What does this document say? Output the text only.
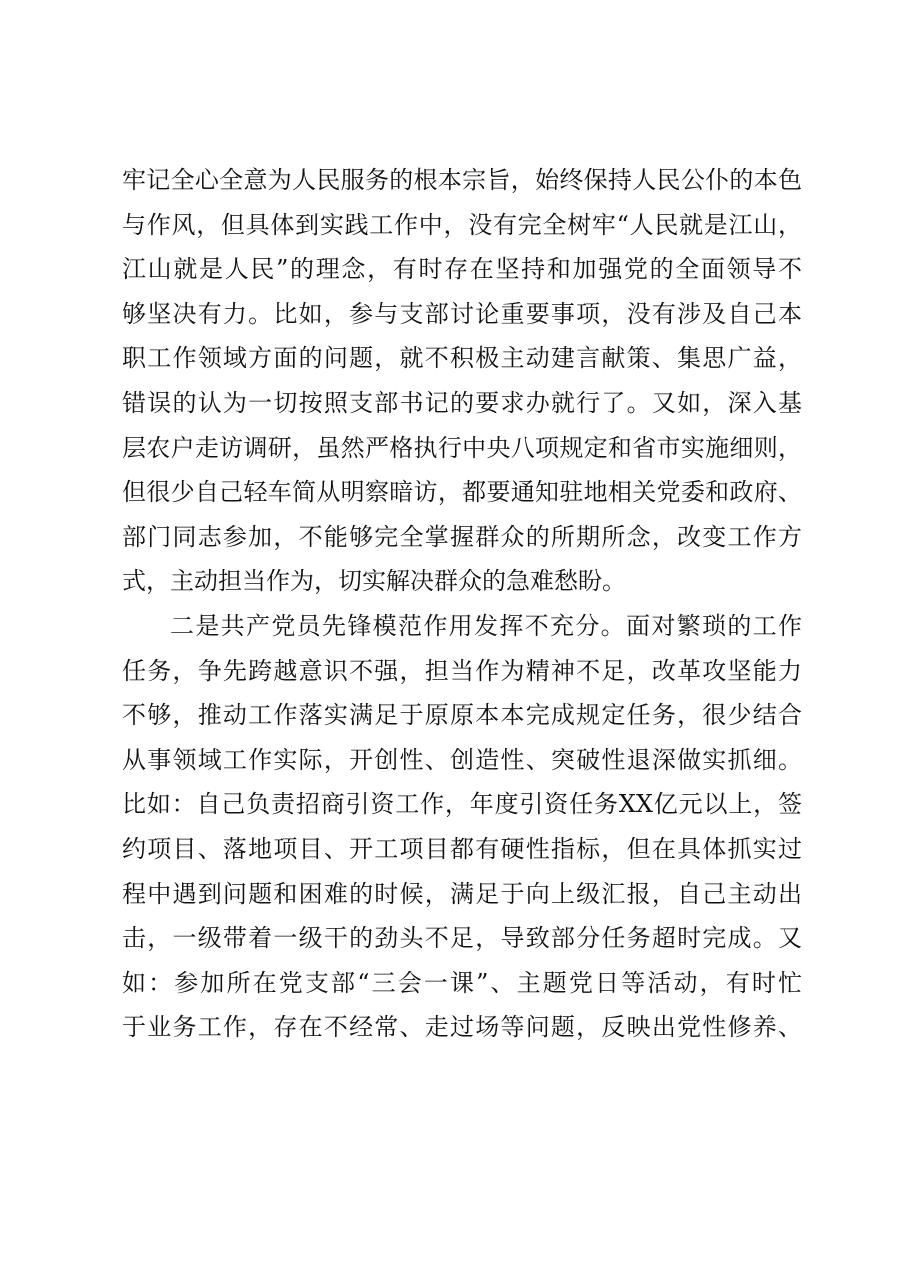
牢记全心全意为人民服务的根本宗旨，始终保持人民公仆的本色
与作风，但具体到实践工作中，没有完全树牢“人民就是江山，
江山就是人民”的理念，有时存在坚持和加强党的全面领导不
够坚决有力。比如，参与支部讨论重要事项，没有涉及自己本
职工作领域方面的问题，就不积极主动建言献策、集思广益，
错误的认为一切按照支部书记的要求办就行了。又如，深入基
层农户走访调研，虽然严格执行中央八项规定和省市实施细则，
但很少自己轻车简从明察暗访，都要通知驻地相关党委和政府、
部门同志参加，不能够完全掌握群众的所期所念，改变工作方
式，主动担当作为，切实解决群众的急难愁盼。
二是共产党员先锋模范作用发挥不充分。面对繁琐的工作
任务，争先跨越意识不强，担当作为精神不足，改革攻坚能力
不够，推动工作落实满足于原原本本完成规定任务，很少结合
从事领域工作实际，开创性、创造性、突破性退深做实抓细。
比如：自己负责招商引资工作，年度引资任务XX亿元以上，签
约项目、落地项目、开工项目都有硬性指标，但在具体抓实过
程中遇到问题和困难的时候，满足于向上级汇报，自己主动出
击，一级带着一级干的劲头不足，导致部分任务超时完成。又
如：参加所在党支部“三会一课”、主题党日等活动，有时忙
于业务工作，存在不经常、走过场等问题，反映出党性修养、
